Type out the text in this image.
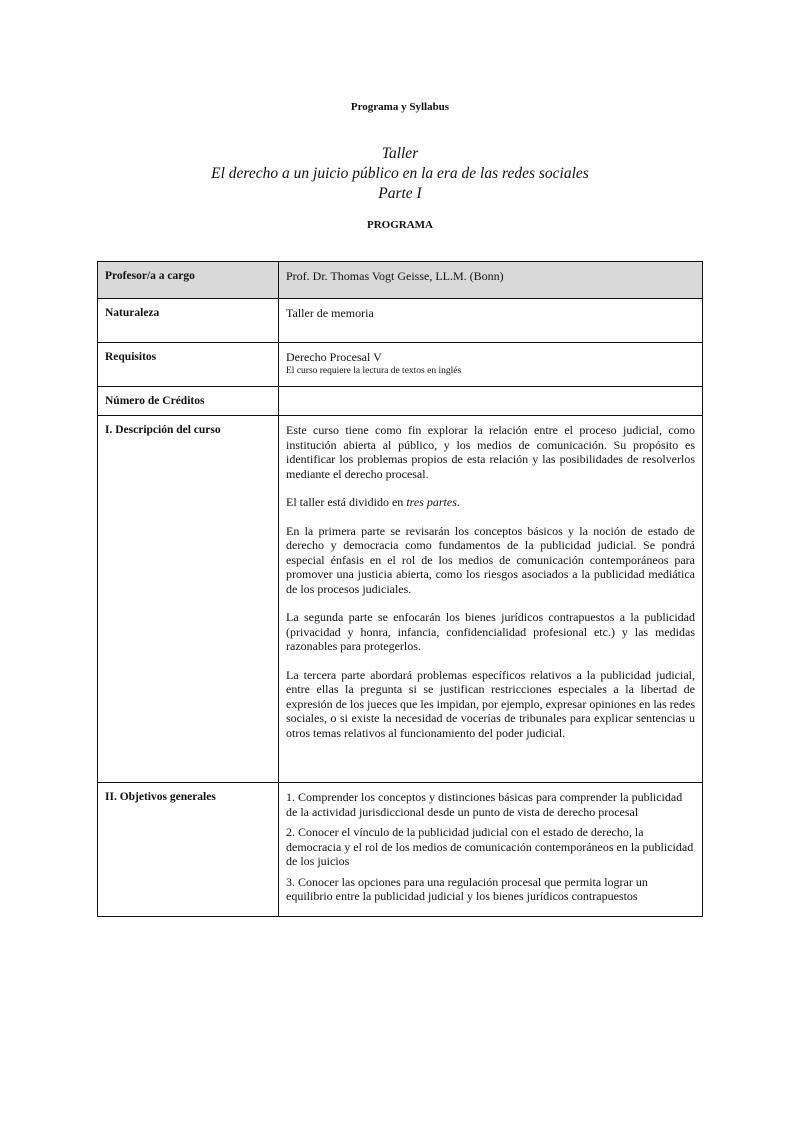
Programa y Syllabus
Taller
El derecho a un juicio público en la era de las redes sociales
Parte I
PROGRAMA
Profesor/a a cargo	Prof. Dr. Thomas Vogt Geisse, LL.M. (Bonn)
Naturaleza	Taller de memoria
Requisitos	Derecho Procesal V
El curso requiere la lectura de textos en inglés

Número de Créditos	
I. Descripción del curso	Este curso tiene como fin explorar la relación entre el proceso judicial, como institución abierta al público, y los medios de comunicación. Su propósito es identificar los problemas propios de esta relación y las posibilidades de resolverlos mediante el derecho procesal.

El taller está dividido en tres partes.

En la primera parte se revisarán los conceptos básicos y la noción de estado de derecho y democracia como fundamentos de la publicidad judicial. Se pondrá especial énfasis en el rol de los medios de comunicación contemporáneos para promover una justicia abierta, como los riesgos asociados a la publicidad mediática de los procesos judiciales.

La segunda parte se enfocarán los bienes jurídicos contrapuestos a la publicidad (privacidad y honra, infancia, confidencialidad profesional etc.) y las medidas razonables para protegerlos.

La tercera parte abordará problemas específicos relativos a la publicidad judicial, entre ellas la pregunta si se justifican restricciones especiales a la libertad de expresión de los jueces que les impidan, por ejemplo, expresar opiniones en las redes sociales, o si existe la necesidad de vocerías de tribunales para explicar sentencias u otros temas relativos al funcionamiento del poder judicial.

II. Objetivos generales	1. Comprender los conceptos y distinciones básicas para comprender la publicidad de la actividad jurisdiccional desde un punto de vista de derecho procesal
2. Conocer el vínculo de la publicidad judicial con el estado de derecho, la democracia y el rol de los medios de comunicación contemporáneos en la publicidad de los juicios
3. Conocer las opciones para una regulación procesal que permita lograr un equilibrio entre la publicidad judicial y los bienes jurídicos contrapuestos
